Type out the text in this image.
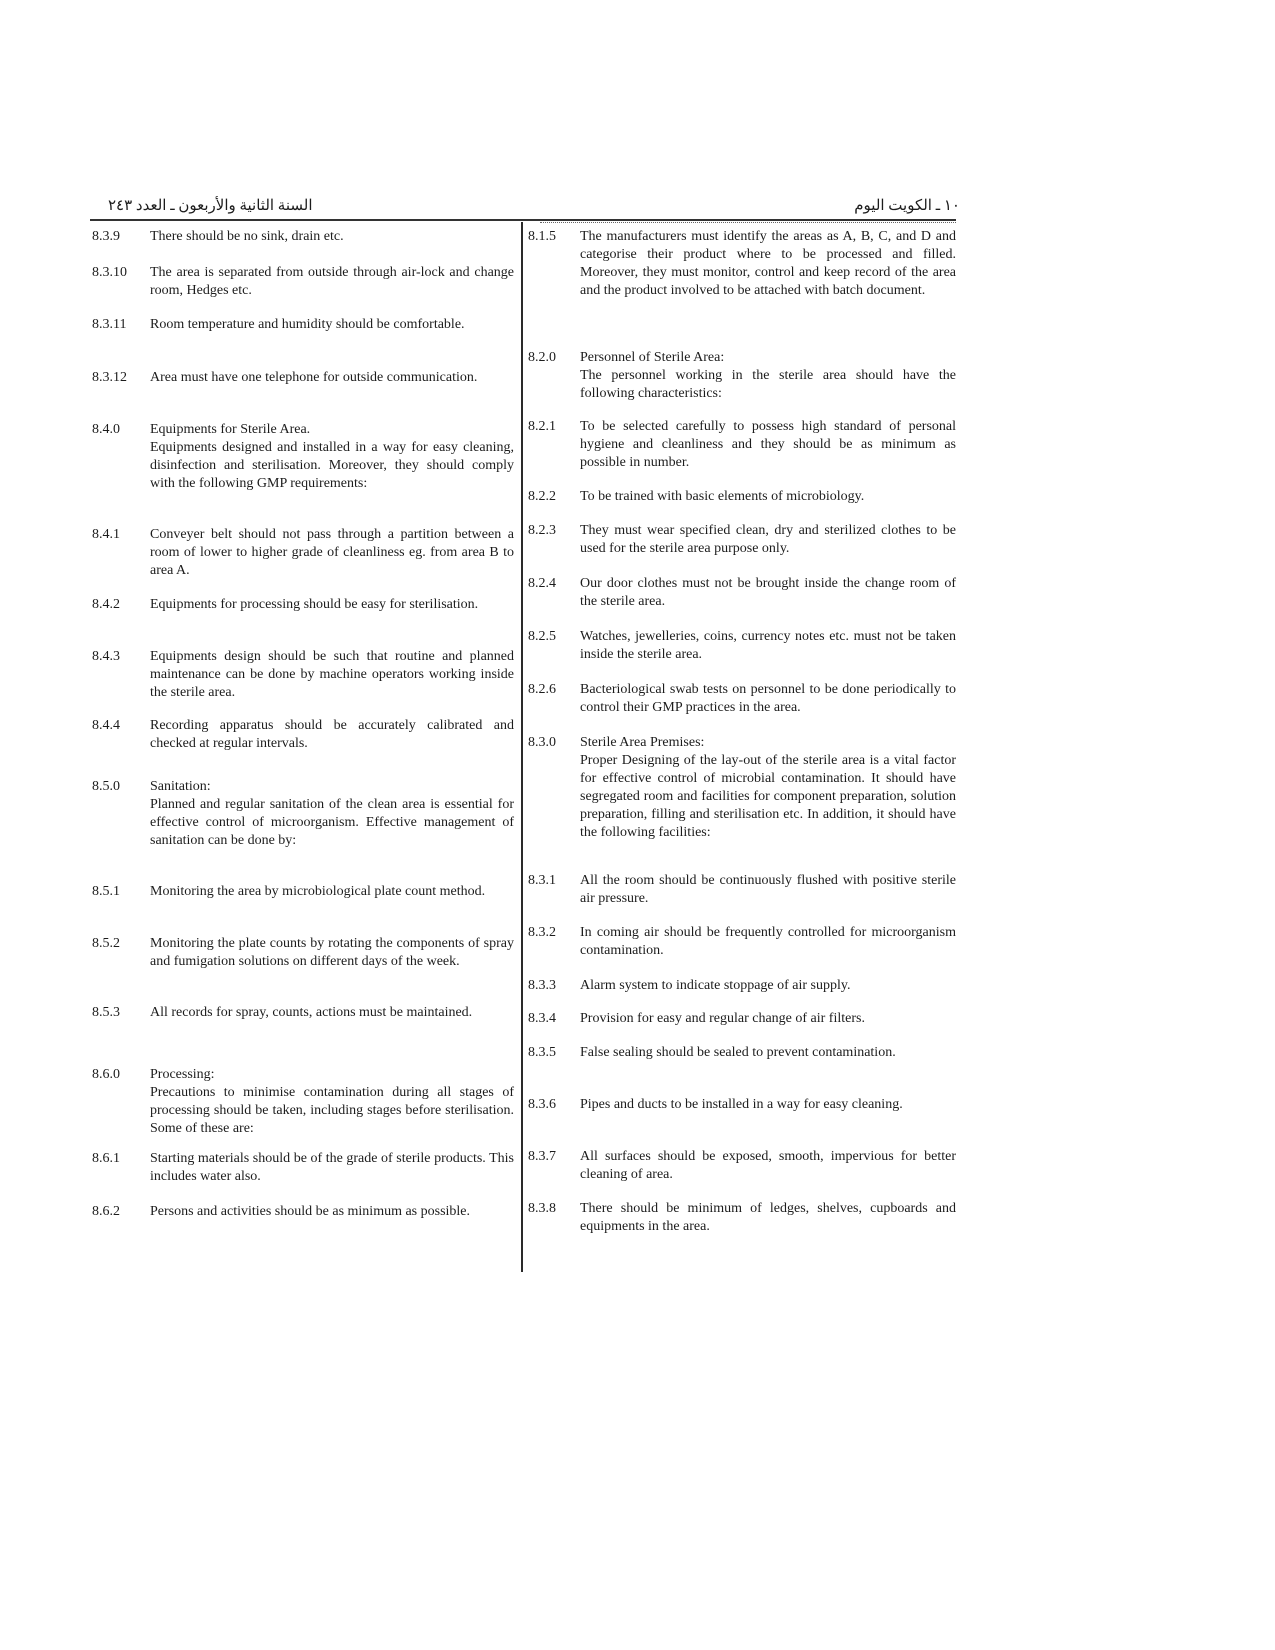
السنة الثانية والأربعون ـ العدد ٢٤٣	١٠ ـ الكويت اليوم
8.3.9	There should be no sink, drain etc.
8.3.10	The area is separated from outside through air-lock and change room, Hedges etc.
8.3.11	Room temperature and humidity should be comfortable.
8.3.12	Area must have one telephone for outside communication.
8.4.0	Equipments for Sterile Area.
Equipments designed and installed in a way for easy cleaning, disinfection and sterilisation. Moreover, they should comply with the following GMP requirements:
8.4.1	Conveyer belt should not pass through a partition between a room of lower to higher grade of cleanliness eg. from area B to area A.
8.4.2	Equipments for processing should be easy for sterilisation.
8.4.3	Equipments design should be such that routine and planned maintenance can be done by machine operators working inside the sterile area.
8.4.4	Recording apparatus should be accurately calibrated and checked at regular intervals.
8.5.0	Sanitation:
Planned and regular sanitation of the clean area is essential for effective control of microorganism. Effective management of sanitation can be done by:
8.5.1	Monitoring the area by microbiological plate count method.
8.5.2	Monitoring the plate counts by rotating the components of spray and fumigation solutions on different days of the week.
8.5.3	All records for spray, counts, actions must be maintained.
8.6.0	Processing:
Precautions to minimise contamination during all stages of processing should be taken, including stages before sterilisation. Some of these are:
8.6.1	Starting materials should be of the grade of sterile products. This includes water also.
8.6.2	Persons and activities should be as minimum as possible.
8.1.5	The manufacturers must identify the areas as A, B, C, and D and categorise their product where to be processed and filled. Moreover, they must monitor, control and keep record of the area and the product involved to be attached with batch document.
8.2.0	Personnel of Sterile Area:
The personnel working in the sterile area should have the following characteristics:
8.2.1	To be selected carefully to possess high standard of personal hygiene and cleanliness and they should be as minimum as possible in number.
8.2.2	To be trained with basic elements of microbiology.
8.2.3	They must wear specified clean, dry and sterilized clothes to be used for the sterile area purpose only.
8.2.4	Our door clothes must not be brought inside the change room of the sterile area.
8.2.5	Watches, jewelleries, coins, currency notes etc. must not be taken inside the sterile area.
8.2.6	Bacteriological swab tests on personnel to be done periodically to control their GMP practices in the area.
8.3.0	Sterile Area Premises:
Proper Designing of the lay-out of the sterile area is a vital factor for effective control of microbial contamination. It should have segregated room and facilities for component preparation, solution preparation, filling and sterilisation etc. In addition, it should have the following facilities:
8.3.1	All the room should be continuously flushed with positive sterile air pressure.
8.3.2	In coming air should be frequently controlled for microorganism contamination.
8.3.3	Alarm system to indicate stoppage of air supply.
8.3.4	Provision for easy and regular change of air filters.
8.3.5	False sealing should be sealed to prevent contamination.
8.3.6	Pipes and ducts to be installed in a way for easy cleaning.
8.3.7	All surfaces should be exposed, smooth, impervious for better cleaning of area.
8.3.8	There should be minimum of ledges, shelves, cupboards and equipments in the area.
